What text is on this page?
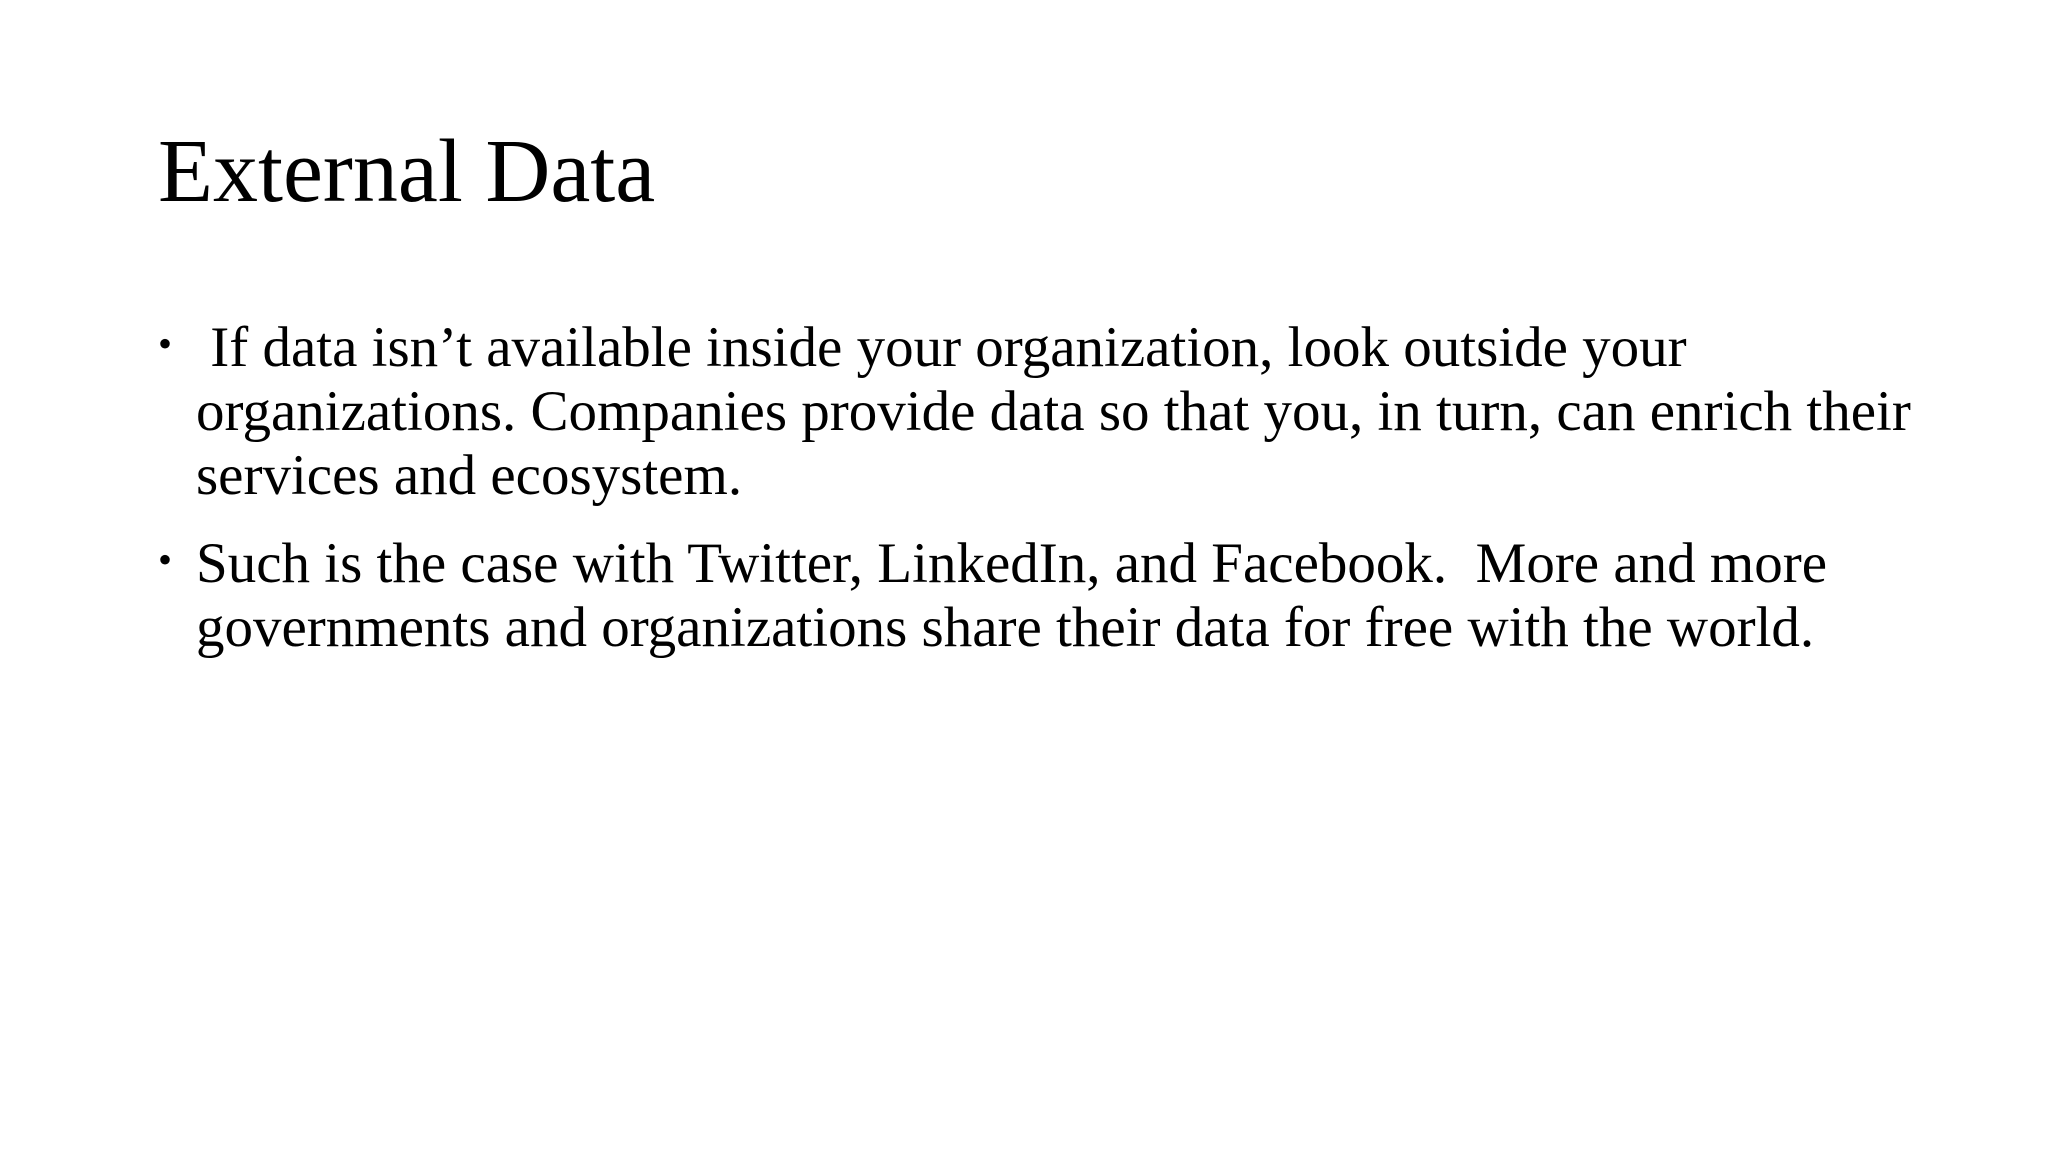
External Data
• If data isn’t available inside your organization, look outside your
organizations. Companies provide data so that you, in turn, can enrich their
services and ecosystem.
• Such is the case with Twitter, LinkedIn, and Facebook.  More and more
governments and organizations share their data for free with the world.
